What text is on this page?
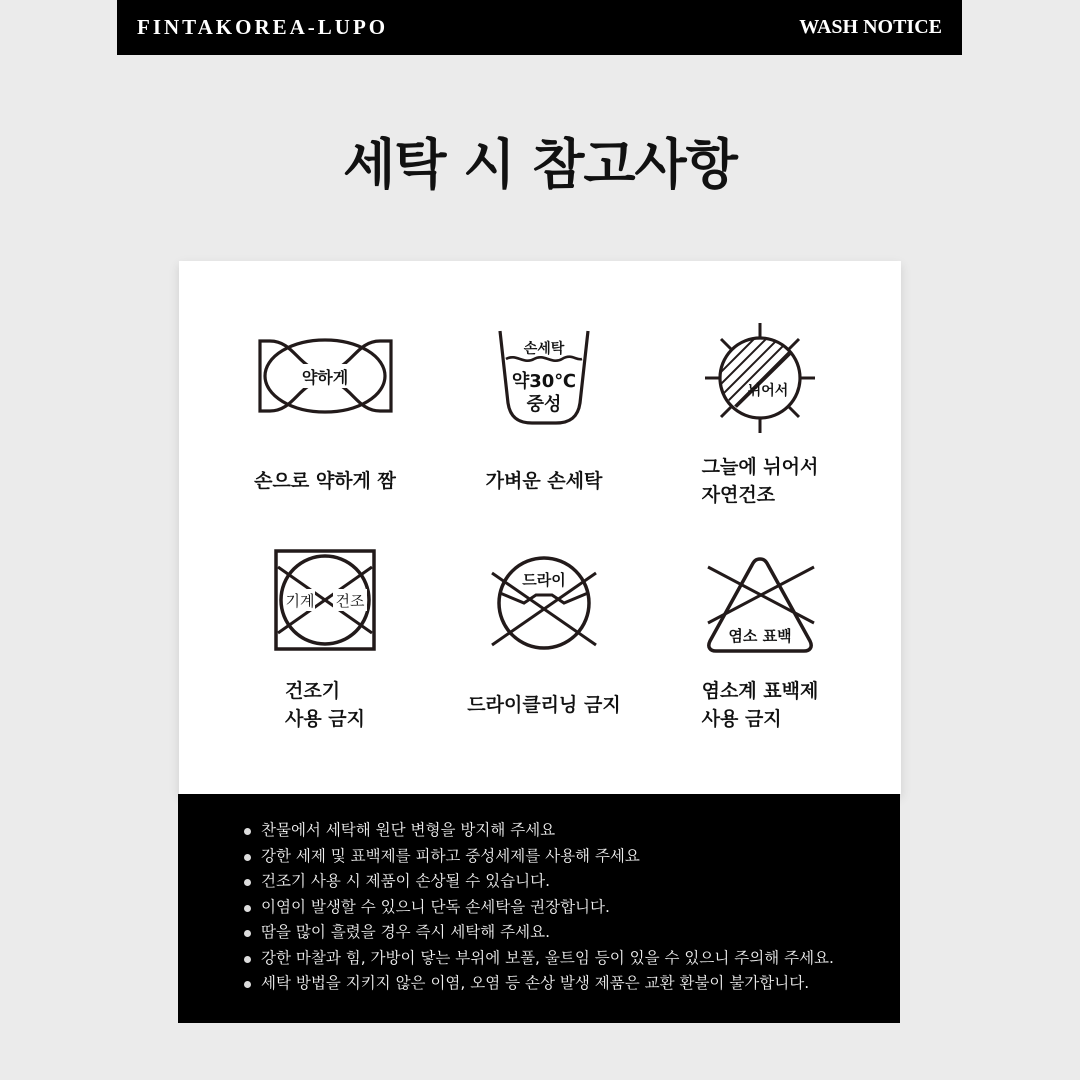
FINTAKOREA-LUPO	WASH NOTICE
세탁 시 참고사항
약하게
손으로 약하게 짬
손세탁
약30℃
중성
가벼운 손세탁
뉘어서
그늘에 뉘어서
자연건조
기계 건조
건조기
사용 금지
드라이
드라이클리닝 금지
염소 표백
염소계 표백제
사용 금지
찬물에서 세탁해 원단 변형을 방지해 주세요
강한 세제 및 표백제를 피하고 중성세제를 사용해 주세요
건조기 사용 시 제품이 손상될 수 있습니다.
이염이 발생할 수 있으니 단독 손세탁을 권장합니다.
땀을 많이 흘렸을 경우 즉시 세탁해 주세요.
강한 마찰과 힘, 가방이 닿는 부위에 보풀, 울트임 등이 있을 수 있으니 주의해 주세요.
세탁 방법을 지키지 않은 이염, 오염 등 손상 발생 제품은 교환 환불이 불가합니다.
